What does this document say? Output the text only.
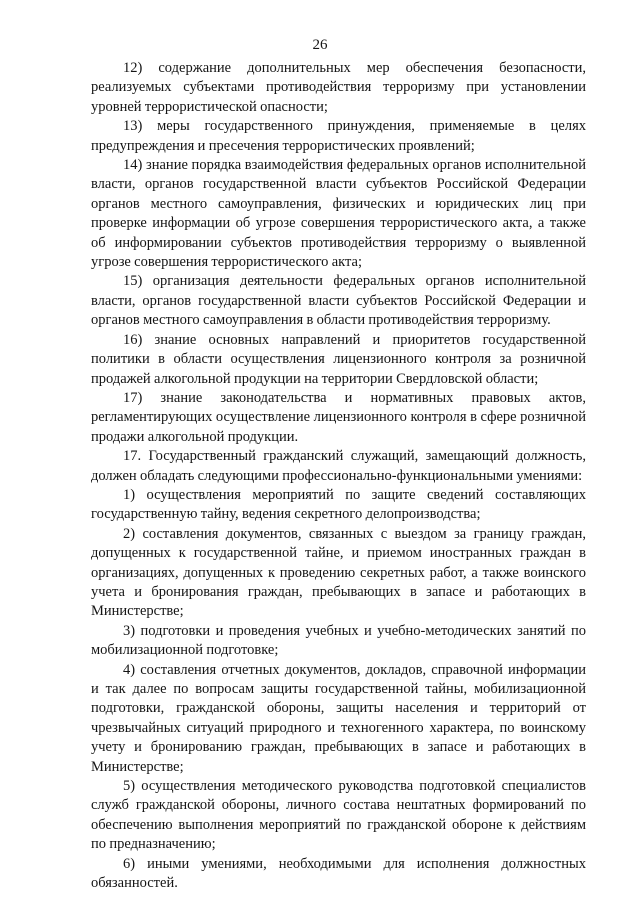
26

12) содержание дополнительных мер обеспечения безопасности, реализуемых субъектами противодействия терроризму при установлении уровней террористической опасности;

13) меры государственного принуждения, применяемые в целях предупреждения и пресечения террористических проявлений;

14) знание порядка взаимодействия федеральных органов исполнительной власти, органов государственной власти субъектов Российской Федерации органов местного самоуправления, физических и юридических лиц при проверке информации об угрозе совершения террористического акта, а также об информировании субъектов противодействия терроризму о выявленной угрозе совершения террористического акта;

15) организация деятельности федеральных органов исполнительной власти, органов государственной власти субъектов Российской Федерации и органов местного самоуправления в области противодействия терроризму.

16) знание основных направлений и приоритетов государственной политики в области осуществления лицензионного контроля за розничной продажей алкогольной продукции на территории Свердловской области;

17) знание законодательства и нормативных правовых актов, регламентирующих осуществление лицензионного контроля в сфере розничной продажи алкогольной продукции.

17. Государственный гражданский служащий, замещающий должность, должен обладать следующими профессионально-функциональными умениями:

1) осуществления мероприятий по защите сведений составляющих государственную тайну, ведения секретного делопроизводства;

2) составления документов, связанных с выездом за границу граждан, допущенных к государственной тайне, и приемом иностранных граждан в организациях, допущенных к проведению секретных работ, а также воинского учета и бронирования граждан, пребывающих в запасе и работающих в Министерстве;

3) подготовки и проведения учебных и учебно-методических занятий по мобилизационной подготовке;

4) составления отчетных документов, докладов, справочной информации и так далее по вопросам защиты государственной тайны, мобилизационной подготовки, гражданской обороны, защиты населения и территорий от чрезвычайных ситуаций природного и техногенного характера, по воинскому учету и бронированию граждан, пребывающих в запасе и работающих в Министерстве;

5) осуществления методического руководства подготовкой специалистов служб гражданской обороны, личного состава нештатных формирований по обеспечению выполнения мероприятий по гражданской обороне к действиям по предназначению;

6) иными умениями, необходимыми для исполнения должностных обязанностей.
